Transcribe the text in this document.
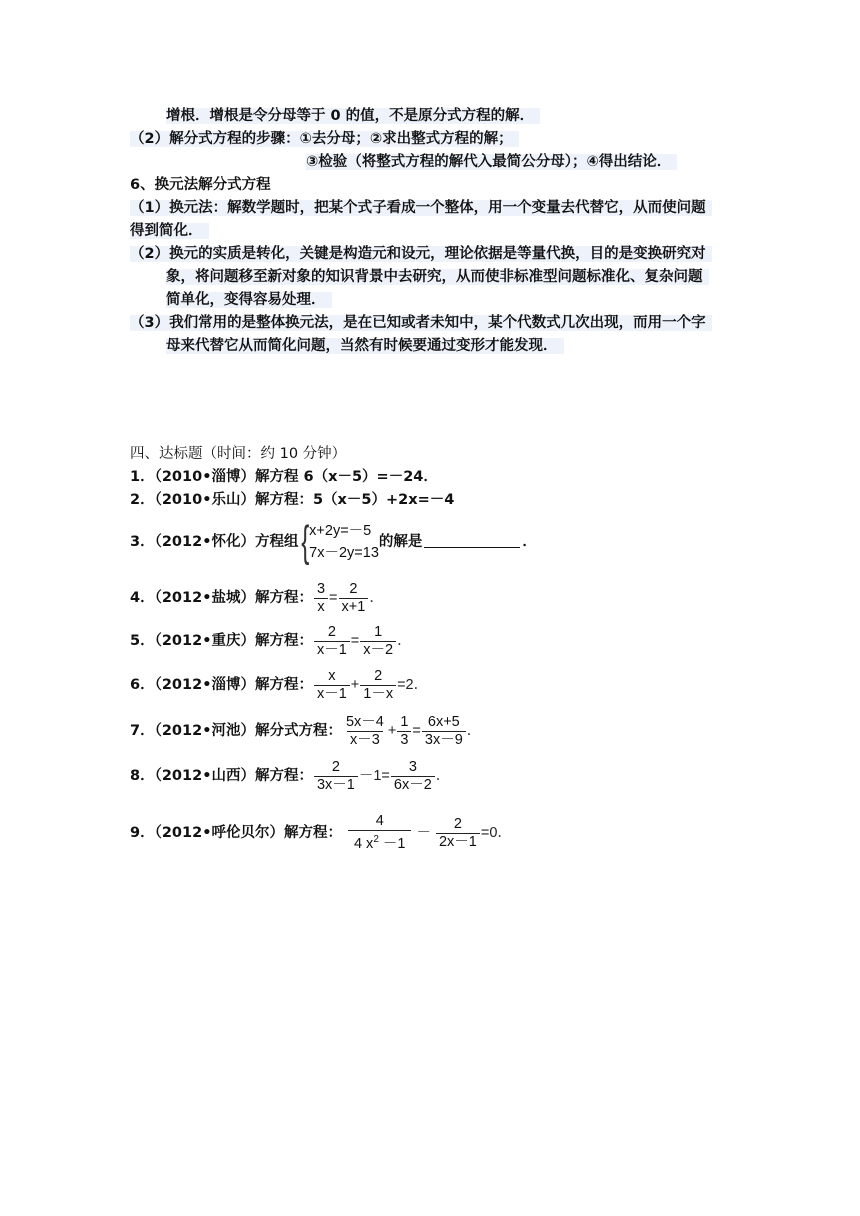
增根．增根是令分母等于 0 的值，不是原分式方程的解．
（2）解分式方程的步骤：①去分母；②求出整式方程的解；
③检验（将整式方程的解代入最简公分母）；④得出结论．
6、换元法解分式方程
（1）换元法：解数学题时，把某个式子看成一个整体，用一个变量去代替它，从而使问题
得到简化．
（2）换元的实质是转化，关键是构造元和设元，理论依据是等量代换，目的是变换研究对
象，将问题移至新对象的知识背景中去研究，从而使非标准型问题标准化、复杂问题
简单化，变得容易处理．
（3）我们常用的是整体换元法，是在已知或者未知中，某个代数式几次出现，而用一个字
母来代替它从而简化问题，当然有时候要通过变形才能发现．
四、达标题（时间：约 10 分钟）
1．（2010•淄博）解方程 6（x－5）=－24．
2．（2010•乐山）解方程：5（x－5）+2x=－4
3．（2012•怀化）方程组 { x+2y=－5
7x－2y=13
的解是	．
4．（2012•盐城）解方程： $\frac{3}{x} = \frac{2}{x+1}$ ．
5．（2012•重庆）解方程： $\frac{2}{x-1} = \frac{1}{x-2}$ ．
6．（2012•淄博）解方程： $\frac{x}{x-1} + \frac{2}{1-x} =2$．
7．（2012•河池）解分式方程： $\frac{5x-4}{x-3} + \frac{1}{3} = \frac{6x+5}{3x-9}$ ．
8．（2012•山西）解方程： $\frac{2}{3x-1} -1= \frac{3}{6x-2}$ ．
9．（2012•呼伦贝尔）解方程： $\frac{4}{4 x^2 -1} - \frac{2}{2x-1} =0$．
